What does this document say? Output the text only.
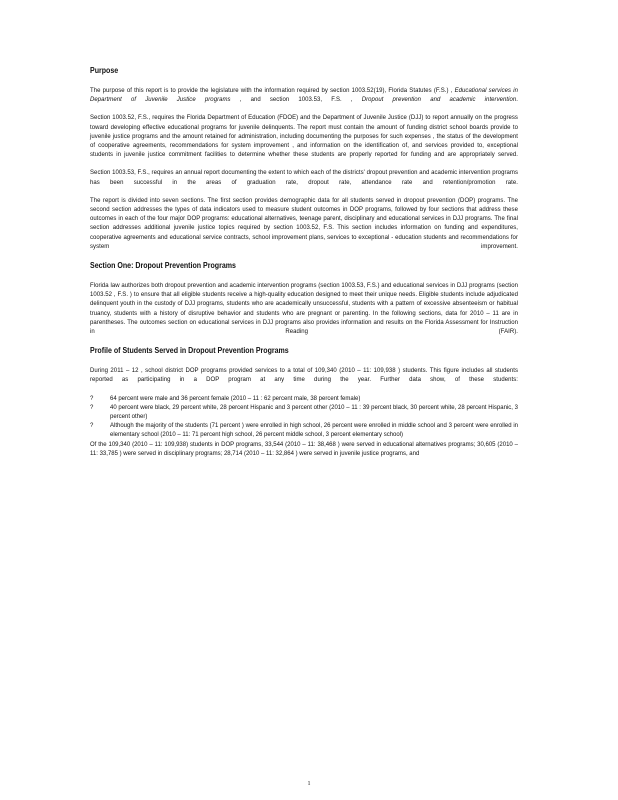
Purpose
The purpose of this report is to provide the legislature with the information required by section 1003.52(19), Florida Statutes (F.S.) , Educational services in Department of Juvenile Justice programs , and section 1003.53, F.S. , Dropout prevention and academic intervention.
Section 1003.52, F.S., requires the Florida Department of Education (FDOE) and the Department of Juvenile Justice (DJJ) to report annually on the progress toward developing effective educational programs for juvenile delinquents. The report must contain the amount of funding district school boards provide to juvenile justice programs and the amount retained for administration, including documenting the purposes for such expenses , the status of the development of cooperative agreements, recommendations for system improvement , and information on the identification of, and services provided to, exceptional students in juvenile justice commitment facilities to determine whether these students are properly reported for funding and are appropriately served.
Section 1003.53, F.S., requires an annual report documenting the extent to which each of the districts' dropout prevention and academic intervention programs has been successful in the areas of graduation rate, dropout rate, attendance rate and retention/promotion rate.
The report is divided into seven sections. The first section provides demographic data for all students served in dropout prevention (DOP) programs. The second section addresses the types of data indicators used to measure student outcomes in DOP programs, followed by four sections that address these outcomes in each of the four major DOP programs: educational alternatives, teenage parent, disciplinary and educational services in DJJ programs. The final section addresses additional juvenile justice topics required by section 1003.52, F.S. This section includes information on funding and expenditures, cooperative agreements and educational service contracts, school improvement plans, services to exceptional - education students and recommendations for system improvement.
Section One: Dropout Prevention Programs
Florida law authorizes both dropout prevention and academic intervention programs (section 1003.53, F.S.) and educational services in DJJ programs (section 1003.52 , F.S. ) to ensure that all eligible students receive a high-quality education designed to meet their unique needs. Eligible students include adjudicated delinquent youth in the custody of DJJ programs, students who are academically unsuccessful, students with a pattern of excessive absenteeism or habitual truancy, students with a history of disruptive behavior and students who are pregnant or parenting. In the following sections, data for 2010 – 11 are in parentheses. The outcomes section on educational services in DJJ programs also provides information and results on the Florida Assessment for Instruction in Reading (FAIR).
Profile of Students Served in Dropout Prevention Programs
During 2011 – 12 , school district DOP programs provided services to a total of 109,340 (2010 – 11: 109,938 ) students. This figure includes all students reported as participating in a DOP program at any time during the year. Further data show, of these students:
?	64 percent were male and 36 percent female (2010 – 11 : 62 percent male, 38 percent female)
?	40 percent were black, 29 percent white, 28 percent Hispanic and 3 percent other (2010 – 11 : 39 percent black, 30 percent white, 28 percent Hispanic, 3 percent other)
?	Although the majority of the students (71 percent ) were enrolled in high school, 26 percent were enrolled in middle school and 3 percent were enrolled in elementary school (2010 – 11: 71 percent high school, 26 percent middle school, 3 percent elementary school)
Of the 109,340 (2010 – 11: 109,938) students in DOP programs, 33,544 (2010 – 11: 38,468 ) were served in educational alternatives programs; 30,605 (2010 – 11: 33,785 ) were served in disciplinary programs; 28,714 (2010 – 11: 32,864 ) were served in juvenile justice programs, and
1
